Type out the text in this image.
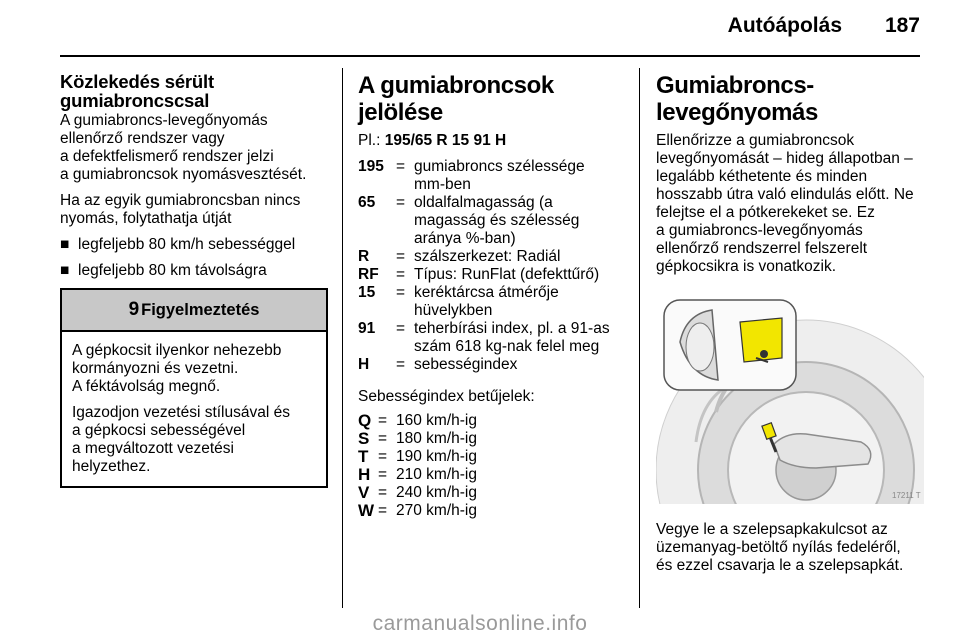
Autóápolás 187
Közlekedés sérült gumiabroncscsal

A gumiabroncs-levegőnyomás
ellenőrző rendszer vagy
a defektfelismerő rendszer jelzi
a gumiabroncsok nyomásvesztését.

Ha az egyik gumiabroncsban nincs
nyomás, folytathatja útját

■ legfeljebb 80 km/h sebességgel
■ legfeljebb 80 km távolságra
9 Figyelmeztetés

A gépkocsit ilyenkor nehezebb
kormányozni és vezetni.
A féktávolság megnő.

Igazodjon vezetési stílusával és
a gépkocsi sebességével
a megváltozott vezetési
helyzethez.

A gumiabroncsok jelölése
Pl.: 195/65 R 15 91 H
195 = gumiabroncs szélessége
mm-ben
65	= oldalfalmagasság (a
magasság és szélesség
aránya %-ban)
R	= szálszerkezet: Radiál
RF	= Típus: RunFlat (defekttűrő)
15	= keréktárcsa átmérője
hüvelykben
91	= teherbírási index, pl. a 91-as
szám 618 kg-nak felel meg
H	= sebességindex

Sebességindex betűjelek:

Q = 160 km/h-ig
S = 180 km/h-ig
T = 190 km/h-ig
H = 210 km/h-ig
V = 240 km/h-ig
W = 270 km/h-ig
Gumiabroncs-
levegőnyomás

Ellenőrizze a gumiabroncsok
levegőnyomását – hideg állapotban –
legalább kéthetente és minden
hosszabb útra való elindulás előtt. Ne
felejtse el a pótkerekeket se. Ez
a gumiabroncs-levegőnyomás
ellenőrző rendszerrel felszerelt
gépkocsikra is vonatkozik.

17211 T

Vegye le a szelepsapkakulcsot az
üzemanyag-betöltő nyílás fedeléről,
és ezzel csavarja le a szelepsapkát.

carmanualsonline.info
